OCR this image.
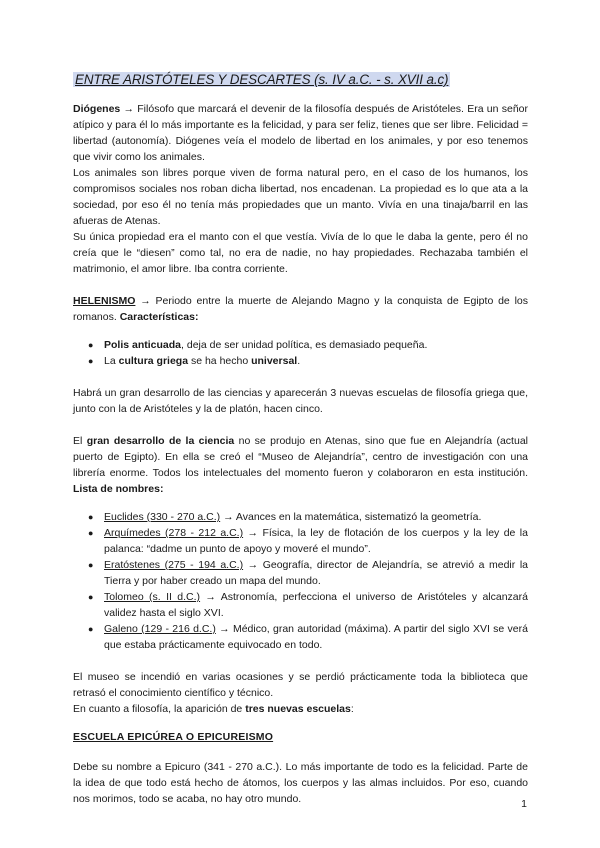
ENTRE ARISTÓTELES Y DESCARTES (s. IV a.C. - s. XVII a.c)

Diógenes → Filósofo que marcará el devenir de la filosofía después de Aristóteles. Era un señor atípico y para él lo más importante es la felicidad, y para ser feliz, tienes que ser libre. Felicidad = libertad (autonomía). Diógenes veía el modelo de libertad en los animales, y por eso tenemos que vivir como los animales.

Los animales son libres porque viven de forma natural pero, en el caso de los humanos, los compromisos sociales nos roban dicha libertad, nos encadenan. La propiedad es lo que ata a la sociedad, por eso él no tenía más propiedades que un manto. Vivía en una tinaja/barril en las afueras de Atenas.

Su única propiedad era el manto con el que vestía. Vivía de lo que le daba la gente, pero él no creía que le “diesen” como tal, no era de nadie, no hay propiedades. Rechazaba también el matrimonio, el amor libre. Iba contra corriente.

HELENISMO → Periodo entre la muerte de Alejando Magno y la conquista de Egipto de los romanos. Características:

● Polis anticuada, deja de ser unidad política, es demasiado pequeña.
● La cultura griega se ha hecho universal.

Habrá un gran desarrollo de las ciencias y aparecerán 3 nuevas escuelas de filosofía griega que, junto con la de Aristóteles y la de platón, hacen cinco.

El gran desarrollo de la ciencia no se produjo en Atenas, sino que fue en Alejandría (actual puerto de Egipto). En ella se creó el “Museo de Alejandría”, centro de investigación con una librería enorme. Todos los intelectuales del momento fueron y colaboraron en esta institución. Lista de nombres:

● Euclides (330 - 270 a.C.) → Avances en la matemática, sistematizó la geometría.
● Arquímedes (278 - 212 a.C.) → Física, la ley de flotación de los cuerpos y la ley de la palanca: “dadme un punto de apoyo y moveré el mundo”.
● Eratóstenes (275 - 194 a.C.) → Geografía, director de Alejandría, se atrevió a medir la Tierra y por haber creado un mapa del mundo.
● Tolomeo (s. II d.C.) → Astronomía, perfecciona el universo de Aristóteles y alcanzará validez hasta el siglo XVI.
● Galeno (129 - 216 d.C.) → Médico, gran autoridad (máxima). A partir del siglo XVI se verá que estaba prácticamente equivocado en todo.

El museo se incendió en varias ocasiones y se perdió prácticamente toda la biblioteca que retrasó el conocimiento científico y técnico.

En cuanto a filosofía, la aparición de tres nuevas escuelas:

ESCUELA EPICÚREA O EPICUREISMO

Debe su nombre a Epicuro (341 - 270 a.C.). Lo más importante de todo es la felicidad. Parte de la idea de que todo está hecho de átomos, los cuerpos y las almas incluidos. Por eso, cuando nos morimos, todo se acaba, no hay otro mundo.	1
